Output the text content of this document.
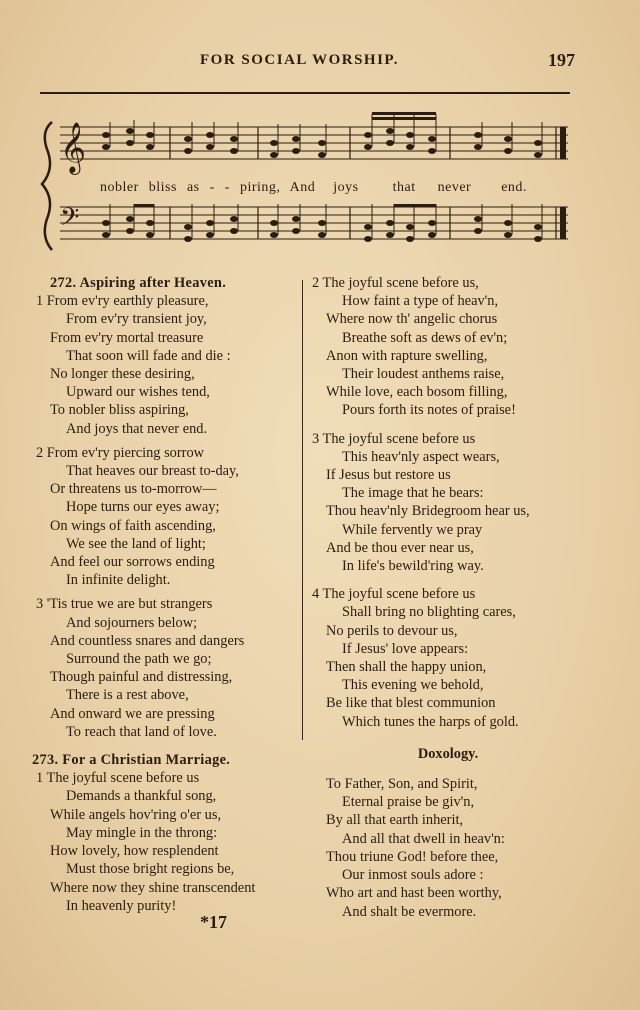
FOR SOCIAL WORSHIP.	197
𝄞
𝄢
nobler bliss as - - piring, And joys that never end.
272. Aspiring after Heaven.
1 From ev'ry earthly pleasure,
From ev'ry transient joy,
From ev'ry mortal treasure
That soon will fade and die :
No longer these desiring,
Upward our wishes tend,
To nobler bliss aspiring,
And joys that never end.
2 From ev'ry piercing sorrow
That heaves our breast to-day,
Or threatens us to-morrow—
Hope turns our eyes away;
On wings of faith ascending,
We see the land of light;
And feel our sorrows ending
In infinite delight.
3 'Tis true we are but strangers
And sojourners below;
And countless snares and dangers
Surround the path we go;
Though painful and distressing,
There is a rest above,
And onward we are pressing
To reach that land of love.
273. For a Christian Marriage.
1 The joyful scene before us
Demands a thankful song,
While angels hov'ring o'er us,
May mingle in the throng:
How lovely, how resplendent
Must those bright regions be,
Where now they shine transcendent
In heavenly purity!
2 The joyful scene before us,
How faint a type of heav'n,
Where now th' angelic chorus
Breathe soft as dews of ev'n;
Anon with rapture swelling,
Their loudest anthems raise,
While love, each bosom filling,
Pours forth its notes of praise!
3 The joyful scene before us
This heav'nly aspect wears,
If Jesus but restore us
The image that he bears:
Thou heav'nly Bridegroom hear us,
While fervently we pray
And be thou ever near us,
In life's bewild'ring way.
4 The joyful scene before us
Shall bring no blighting cares,
No perils to devour us,
If Jesus' love appears:
Then shall the happy union,
This evening we behold,
Be like that blest communion
Which tunes the harps of gold.
Doxology.
To Father, Son, and Spirit,
Eternal praise be giv'n,
By all that earth inherit,
And all that dwell in heav'n:
Thou triune God! before thee,
Our inmost souls adore :
Who art and hast been worthy,
And shalt be evermore.
*17
